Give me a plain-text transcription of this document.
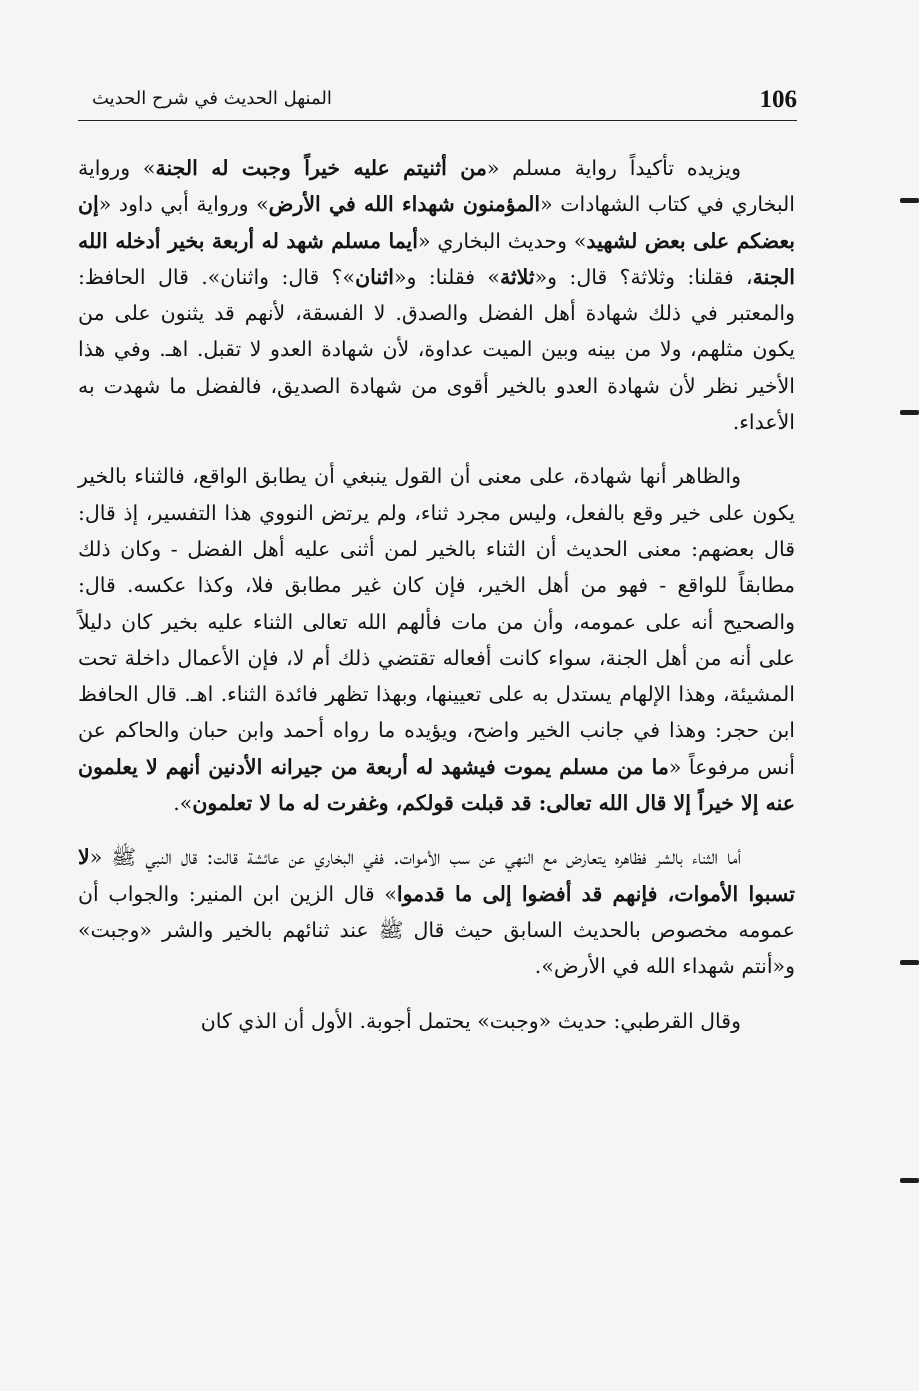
106
المنهل الحديث في شرح الحديث

ويزيده تأكيداً رواية مسلم «من أثنيتم عليه خيراً وجبت له الجنة» ورواية البخاري في كتاب الشهادات «المؤمنون شهداء الله في الأرض» ورواية أبي داود «إن بعضكم على بعض لشهيد» وحديث البخاري «أيما مسلم شهد له أربعة بخير أدخله الله الجنة، فقلنا: وثلاثة؟ قال: و«ثلاثة» فقلنا: و«اثنان»؟ قال: واثنان». قال الحافظ: والمعتبر في ذلك شهادة أهل الفضل والصدق. لا الفسقة، لأنهم قد يثنون على من يكون مثلهم، ولا من بينه وبين الميت عداوة، لأن شهادة العدو لا تقبل. اهـ. وفي هذا الأخير نظر لأن شهادة العدو بالخير أقوى من شهادة الصديق، فالفضل ما شهدت به الأعداء.

والظاهر أنها شهادة، على معنى أن القول ينبغي أن يطابق الواقع، فالثناء بالخير يكون على خير وقع بالفعل، وليس مجرد ثناء، ولم يرتض النووي هذا التفسير، إذ قال: قال بعضهم: معنى الحديث أن الثناء بالخير لمن أثنى عليه أهل الفضل - وكان ذلك مطابقاً للواقع - فهو من أهل الخير، فإن كان غير مطابق فلا، وكذا عكسه. قال: والصحيح أنه على عمومه، وأن من مات فألهم الله تعالى الثناء عليه بخير كان دليلاً على أنه من أهل الجنة، سواء كانت أفعاله تقتضي ذلك أم لا، فإن الأعمال داخلة تحت المشيئة، وهذا الإلهام يستدل به على تعيينها، وبهذا تظهر فائدة الثناء. اهـ. قال الحافظ ابن حجر: وهذا في جانب الخير واضح، ويؤيده ما رواه أحمد وابن حبان والحاكم عن أنس مرفوعاً «ما من مسلم يموت فيشهد له أربعة من جيرانه الأدنين أنهم لا يعلمون عنه إلا خيراً إلا قال الله تعالى: قد قبلت قولكم، وغفرت له ما لا تعلمون».

أما الثناء بالشر فظاهره يتعارض مع النهي عن سب الأموات. ففي البخاري عن عائشة قالت: قال النبي ﷺ «لا تسبوا الأموات، فإنهم قد أفضوا إلى ما قدموا» قال الزين ابن المنير: والجواب أن عمومه مخصوص بالحديث السابق حيث قال ﷺ عند ثنائهم بالخير والشر «وجبت» و«أنتم شهداء الله في الأرض».

وقال القرطبي: حديث «وجبت» يحتمل أجوبة. الأول أن الذي كان
